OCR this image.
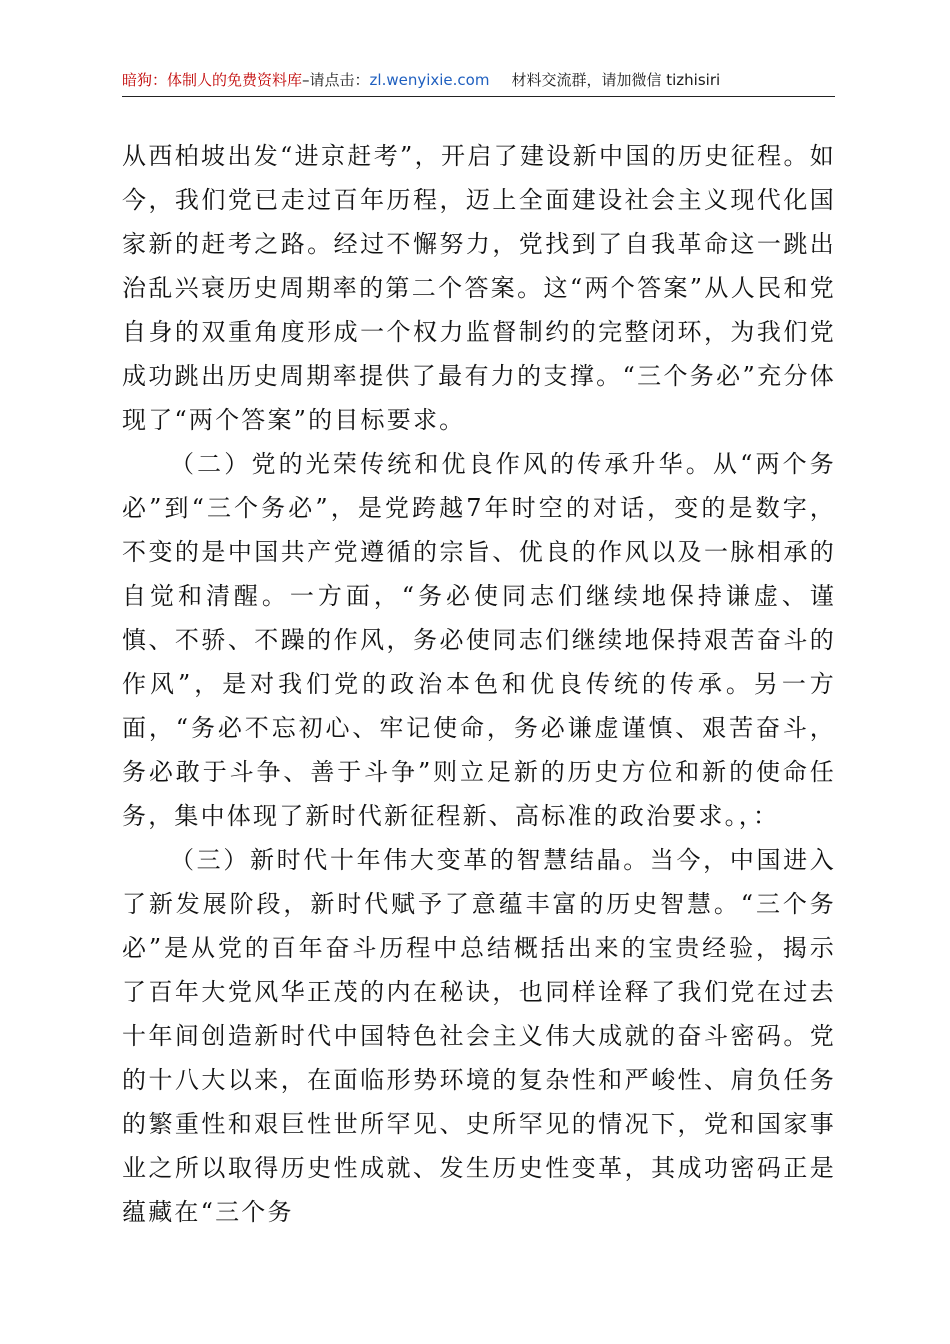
暗狗：体制人的免费资料库–请点击：zl.wenyixie.com 材料交流群，请加微信 tizhisiri

从西柏坡出发“进京赶考”，开启了建设新中国的历史征程。如今，我们党已走过百年历程，迈上全面建设社会主义现代化国家新的赶考之路。经过不懈努力，党找到了自我革命这一跳出治乱兴衰历史周期率的第二个答案。这“两个答案”从人民和党自身的双重角度形成一个权力监督制约的完整闭环，为我们党成功跳出历史周期率提供了最有力的支撑。“三个务必”充分体现了“两个答案”的目标要求。

（二）党的光荣传统和优良作风的传承升华。从“两个务必”到“三个务必”，是党跨越7年时空的对话，变的是数字，不变的是中国共产党遵循的宗旨、优良的作风以及一脉相承的自觉和清醒。一方面，“务必使同志们继续地保持谦虚、谨慎、不骄、不躁的作风，务必使同志们继续地保持艰苦奋斗的作风”，是对我们党的政治本色和优良传统的传承。另一方面，“务必不忘初心、牢记使命，务必谦虚谨慎、艰苦奋斗，务必敢于斗争、善于斗争”则立足新的历史方位和新的使命任务，集中体现了新时代新征程新、高标准的政治要求。，：

（三）新时代十年伟大变革的智慧结晶。当今，中国进入了新发展阶段，新时代赋予了意蕴丰富的历史智慧。“三个务必”是从党的百年奋斗历程中总结概括出来的宝贵经验，揭示了百年大党风华正茂的内在秘诀，也同样诠释了我们党在过去十年间创造新时代中国特色社会主义伟大成就的奋斗密码。党的十八大以来，在面临形势环境的复杂性和严峻性、肩负任务的繁重性和艰巨性世所罕见、史所罕见的情况下，党和国家事业之所以取得历史性成就、发生历史性变革，其成功密码正是蕴藏在“三个务
